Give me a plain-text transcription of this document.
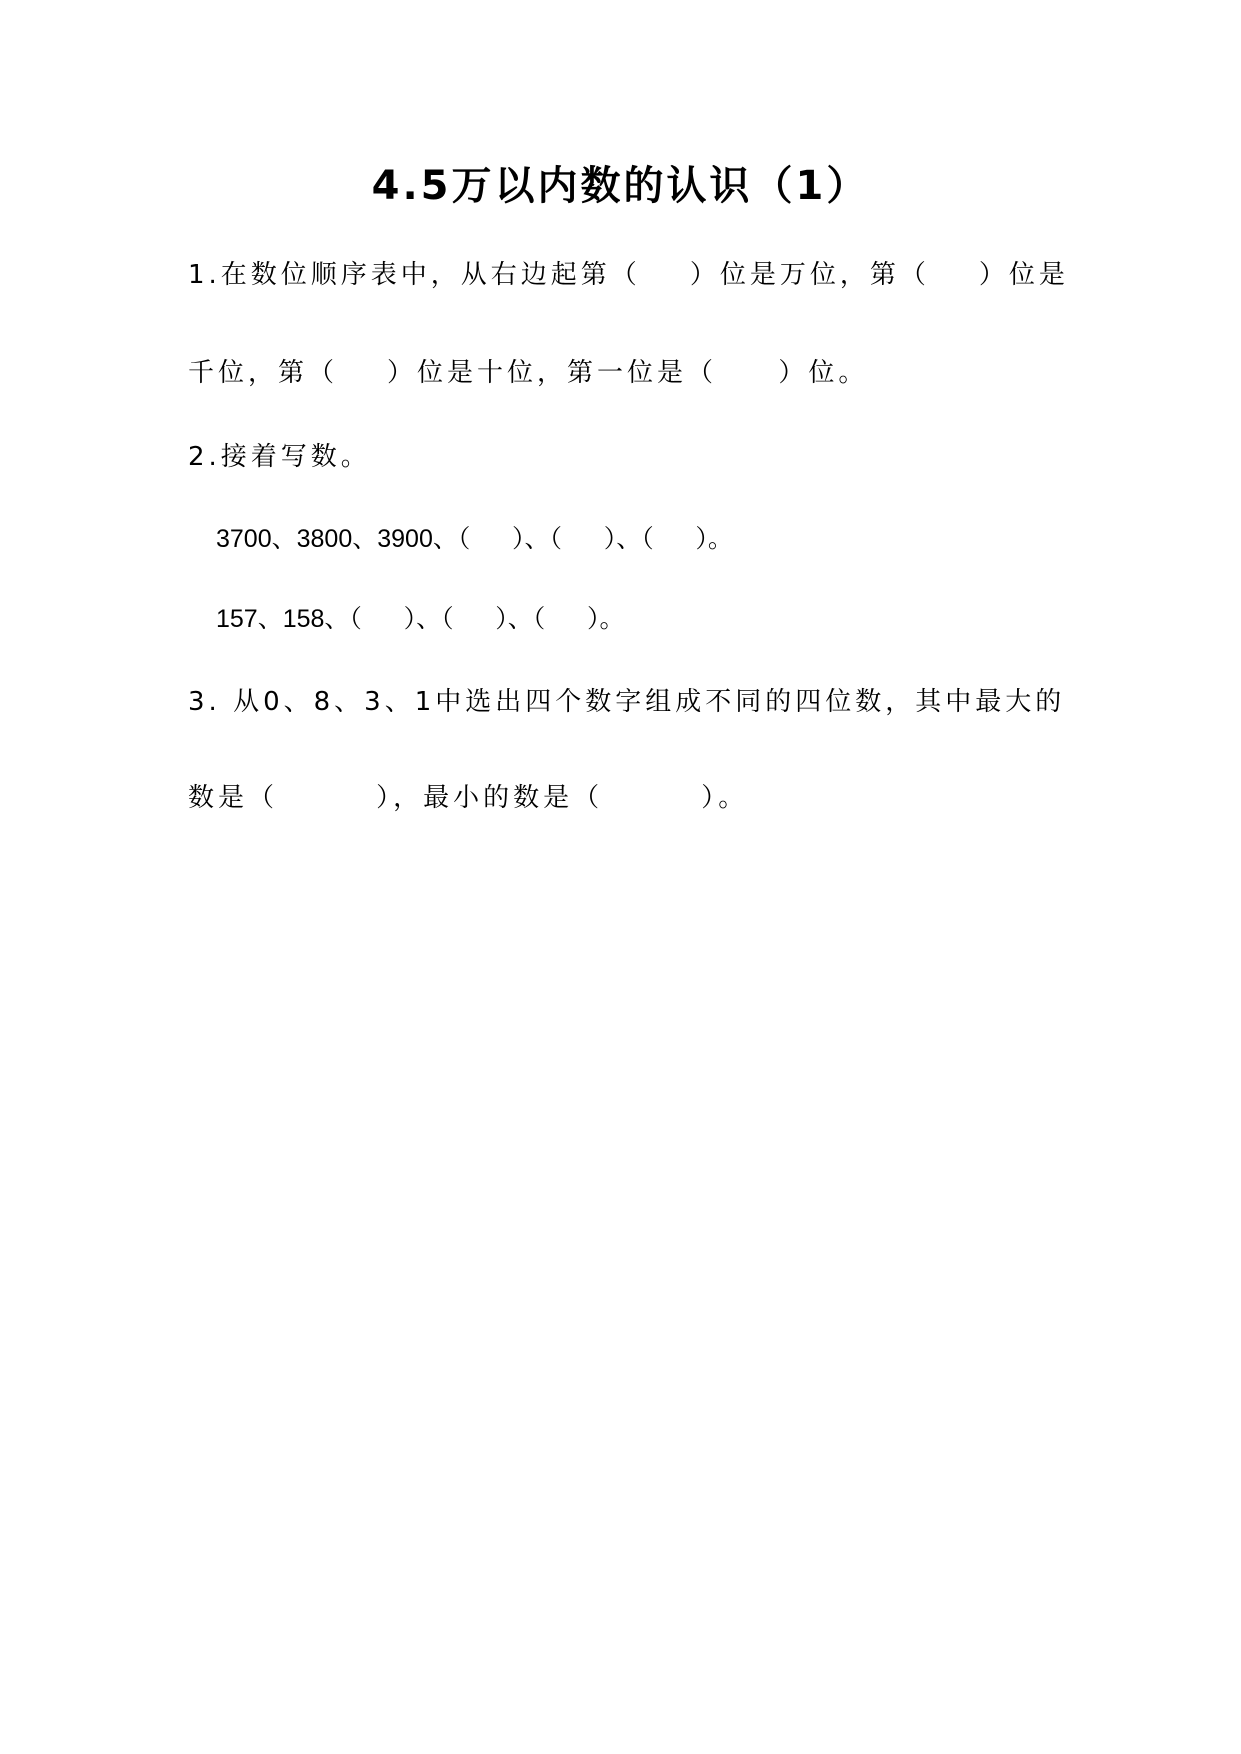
4.5万以内数的认识（1）
1.在数位顺序表中，从右边起第（    ）位是万位，第（    ）位是
千位，第（    ）位是十位，第一位是（     ）位。
2.接着写数。
3700、3800、3900、（      ）、（      ）、（      ）。
157、158、（      ）、（      ）、（      ）。
3. 从0、8、3、1中选出四个数字组成不同的四位数，其中最大的
数是（        ），最小的数是（        ）。
